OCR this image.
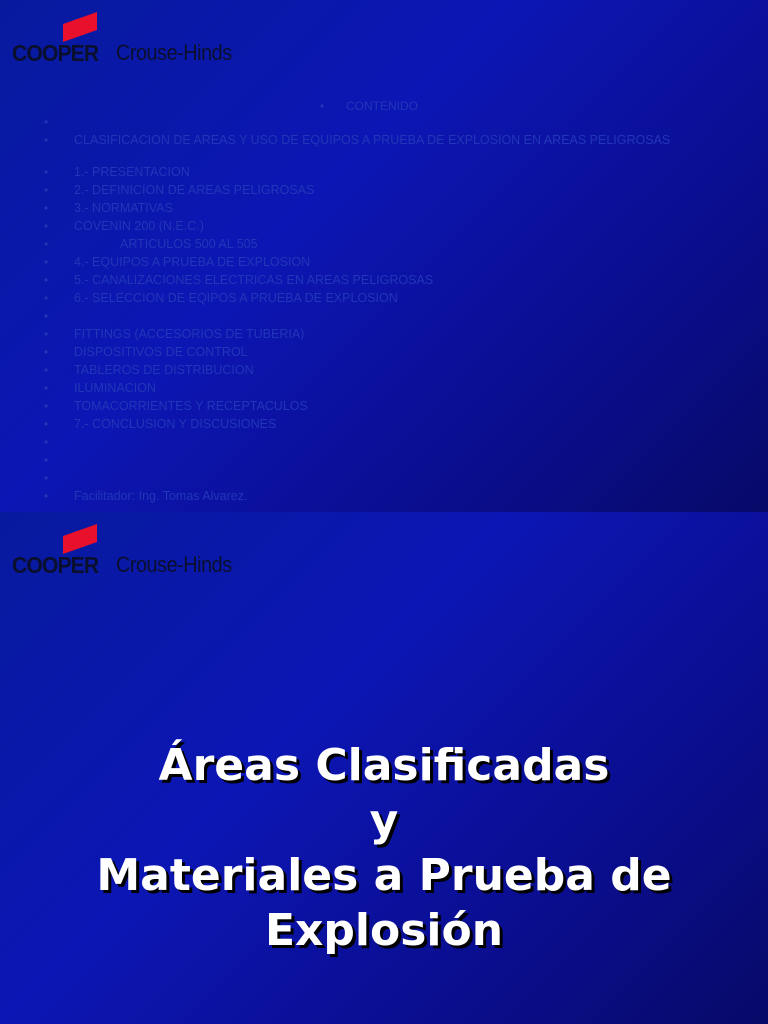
COOPER Crouse-Hinds
• CONTENIDO
•
• CLASIFICACION DE AREAS Y USO DE EQUIPOS A PRUEBA DE EXPLOSION EN AREAS PELIGROSAS
• 1.- PRESENTACION
• 2.- DEFINICION DE AREAS PELIGROSAS
• 3.- NORMATIVAS
• COVENIN 200 (N.E.C.)
• ARTICULOS 500 AL 505
• 4.- EQUIPOS A PRUEBA DE EXPLOSION
• 5.- CANALIZACIONES ELECTRICAS EN AREAS PELIGROSAS
• 6.- SELECCION DE EQIPOS A PRUEBA DE EXPLOSION
•
• FITTINGS (ACCESORIOS DE TUBERIA)
• DISPOSITIVOS DE CONTROL
• TABLEROS DE DISTRIBUCION
• ILUMINACION
• TOMACORRIENTES Y RECEPTACULOS
• 7.- CONCLUSION Y DISCUSIONES
•
•
•
• Facilitador: Ing. Tomas Alvarez.
COOPER Crouse-Hinds
Áreas Clasificadas
y
Materiales a Prueba de
Explosión
